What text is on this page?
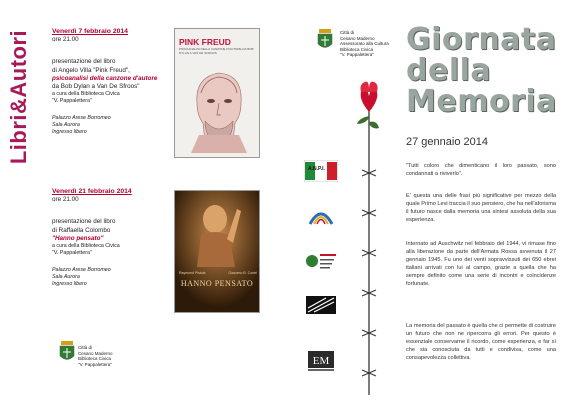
Libri&Autori	Venerdì 7 febbraio 2014
ore 21.00
presentazione del libro
di Angelo Villa "Pink Freud",
psicoanalisi della canzone d'autore
da Bob Dylan a Van De Sfroos"
a cura della Biblioteca Civica
"V. Pappalettera"
Palazzo Arese Borromeo
Sala Aurora
Ingresso libero
Venerdì 21 febbraio 2014
ore 21.00
presentazione del libro
di Raffaella Colombo
"Hanno pensato"
a cura della Biblioteca Civica
"V. Pappalettera"
Palazzo Arese Borromeo
Sala Aurora
Ingresso libero
PINK FREUD
PSICOANALISI DELLA CANZONE D'AUTORE DA BOB DYLAN A VAN DE SFROOS
Raymond Pistoia	Giacomo B. Contri
HANNO PENSATO
Città di
Cesano Maderno
Biblioteca Civica
"V. Pappalettera"
Città di
Cesano Maderno
Assessorato alla Cultura
Biblioteca Civica
"V. Pappalettera"
A.N.P.I.
EM
Giornata
della
Memoria
27 gennaio 2014
"Tutti coloro che dimenticano il loro passato, sono condannati a riviverlo".
E' questa una delle frasi più significative per mezzo della quale Primo Levi traccia il suo pensiero, che ha nell'aforisma il futuro nasce dalla memoria una sintesi assoluta della sua esperienza.
Internato ad Auschwitz nel febbraio del 1944, vi rimase fino alla liberazione da parte dell'Armata Rossa avvenuta il 27 gennaio 1945. Fu uno dei venti sopravvissuti dei 650 ebrei italiani arrivati con lui al campo, grazie a quella che ha sempre definito come una serie di incontri e coincidenze fortunate.
La memoria del passato è quella che ci permette di costruire un futuro che non ne ripercorra gli errori. Per questo è essenziale conservarne il ricordo, come esperienza, e far sì che sia conosciuta da tutti e condivisa, come una consapevolezza collettiva.
